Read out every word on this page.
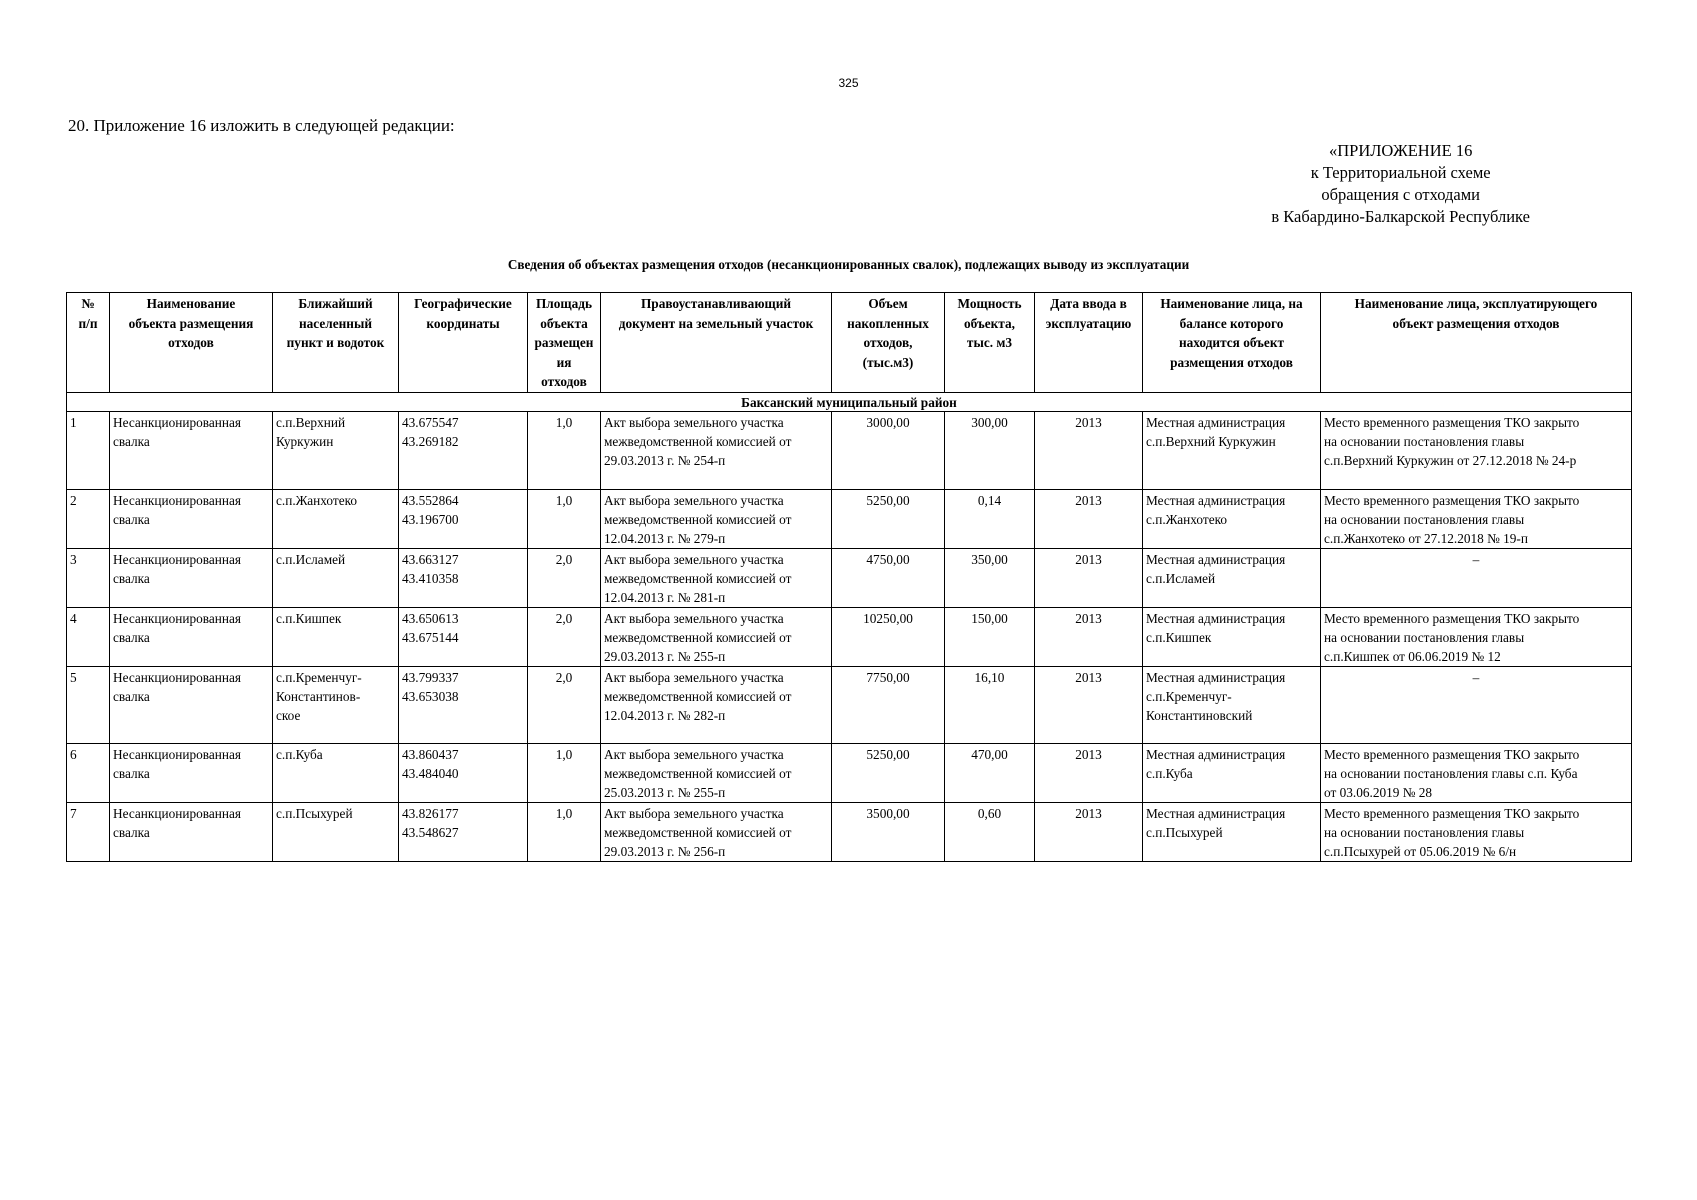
325
20. Приложение 16 изложить в следующей редакции:
«ПРИЛОЖЕНИЕ 16
к Территориальной схеме
обращения с отходами
в Кабардино-Балкарской Республике
Сведения об объектах размещения отходов (несанкционированных свалок), подлежащих выводу из эксплуатации
№
п/п	Наименование
объекта размещения
отходов	Ближайший
населенный
пункт и водоток	Географические
координаты	Площадь
объекта
размещен
ия
отходов	Правоустанавливающий
документ на земельный участок	Объем
накопленных
отходов,
(тыс.м3)	Мощность
объекта,
тыс. м3	Дата ввода в
эксплуатацию	Наименование лица, на
балансе которого
находится объект
размещения отходов	Наименование лица, эксплуатирующего
объект размещения отходов
Баксанский муниципальный район										
1	Несанкционированная
свалка	с.п.Верхний
Куркужин	43.675547
43.269182	1,0	Акт выбора земельного участка
межведомственной комиссией от
29.03.2013 г. № 254-п	3000,00	300,00	2013	Местная администрация
с.п.Верхний Куркужин	Место временного размещения ТКО закрыто
на основании постановления главы
с.п.Верхний Куркужин от 27.12.2018 № 24-р
2	Несанкционированная
свалка	с.п.Жанхотеко	43.552864
43.196700	1,0	Акт выбора земельного участка
межведомственной комиссией от
12.04.2013 г. № 279-п	5250,00	0,14	2013	Местная администрация
с.п.Жанхотеко	Место временного размещения ТКО закрыто
на основании постановления главы
с.п.Жанхотеко от 27.12.2018 № 19-п
3	Несанкционированная
свалка	с.п.Исламей	43.663127
43.410358	2,0	Акт выбора земельного участка
межведомственной комиссией от
12.04.2013 г. № 281-п	4750,00	350,00	2013	Местная администрация
с.п.Исламей	–
4	Несанкционированная
свалка	с.п.Кишпек	43.650613
43.675144	2,0	Акт выбора земельного участка
межведомственной комиссией от
29.03.2013 г. № 255-п	10250,00	150,00	2013	Местная администрация
с.п.Кишпек	Место временного размещения ТКО закрыто
на основании постановления главы
с.п.Кишпек от 06.06.2019 № 12
5	Несанкционированная
свалка	с.п.Кременчуг-
Константинов-
ское	43.799337
43.653038	2,0	Акт выбора земельного участка
межведомственной комиссией от
12.04.2013 г. № 282-п	7750,00	16,10	2013	Местная администрация
с.п.Кременчуг-
Константиновский	–
6	Несанкционированная
свалка	с.п.Куба	43.860437
43.484040	1,0	Акт выбора земельного участка
межведомственной комиссией от
25.03.2013 г. № 255-п	5250,00	470,00	2013	Местная администрация
с.п.Куба	Место временного размещения ТКО закрыто
на основании постановления главы с.п. Куба
от 03.06.2019 № 28
7	Несанкционированная
свалка	с.п.Псыхурей	43.826177
43.548627	1,0	Акт выбора земельного участка
межведомственной комиссией от
29.03.2013 г. № 256-п	3500,00	0,60	2013	Местная администрация
с.п.Псыхурей	Место временного размещения ТКО закрыто
на основании постановления главы
с.п.Псыхурей от 05.06.2019 № 6/н
